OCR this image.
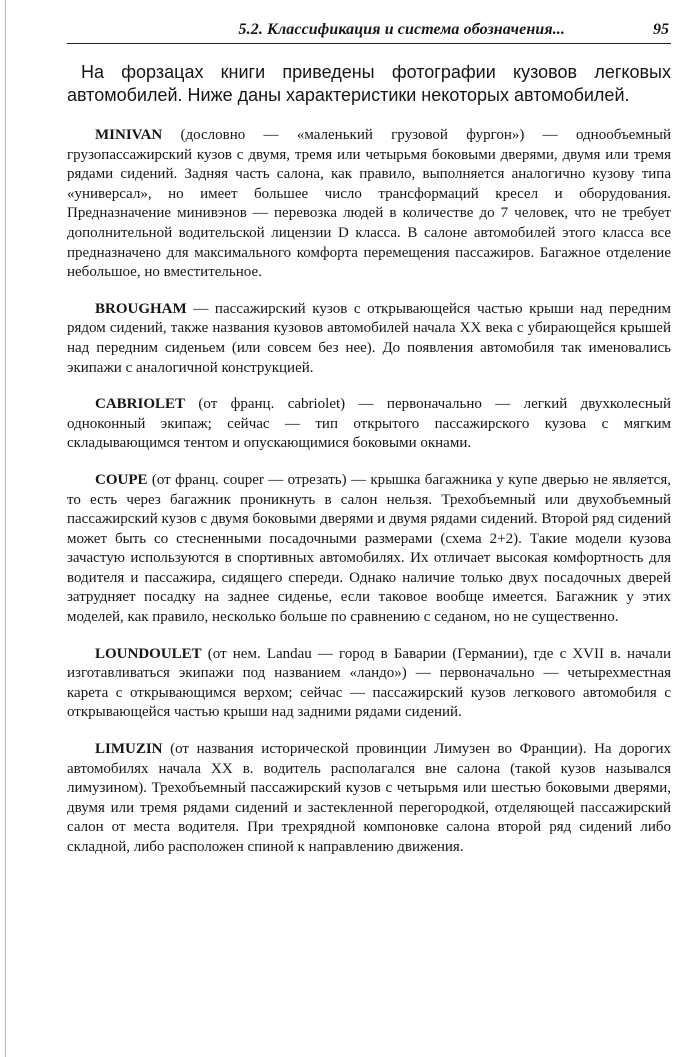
5.2. Классификация и система обозначения...	95

На форзацах книги приведены фотографии кузовов легковых автомобилей. Ниже даны характеристики некоторых автомобилей.

MINIVAN (дословно — «маленький грузовой фургон») — однообъемный грузопассажирский кузов с двумя, тремя или четырьмя боковыми дверями, двумя или тремя рядами сидений. Задняя часть салона, как правило, выполняется аналогично кузову типа «универсал», но имеет большее число трансформаций кресел и оборудования. Предназначение минивэнов — перевозка людей в количестве до 7 человек, что не требует дополнительной водительской лицензии D класса. В салоне автомобилей этого класса все предназначено для максимального комфорта перемещения пассажиров. Багажное отделение небольшое, но вместительное.

BROUGHAM — пассажирский кузов с открывающейся частью крыши над передним рядом сидений, также названия кузовов автомобилей начала XX века с убирающейся крышей над передним сиденьем (или совсем без нее). До появления автомобиля так именовались экипажи с аналогичной конструкцией.

CABRIOLET (от франц. cabriolet) — первоначально — легкий двухколесный одноконный экипаж; сейчас — тип открытого пассажирского кузова с мягким складывающимся тентом и опускающимися боковыми окнами.

COUPE (от франц. couper — отрезать) — крышка багажника у купе дверью не является, то есть через багажник проникнуть в салон нельзя. Трехобъемный или двухобъемный пассажирский кузов с двумя боковыми дверями и двумя рядами сидений. Второй ряд сидений может быть со стесненными посадочными размерами (схема 2+2). Такие модели кузова зачастую используются в спортивных автомобилях. Их отличает высокая комфортность для водителя и пассажира, сидящего спереди. Однако наличие только двух посадочных дверей затрудняет посадку на заднее сиденье, если таковое вообще имеется. Багажник у этих моделей, как правило, несколько больше по сравнению с седаном, но не существенно.

LOUNDOULET (от нем. Landau — город в Баварии (Германии), где с XVII в. начали изготавливаться экипажи под названием «ландо») — первоначально — четырехместная карета с открывающимся верхом; сейчас — пассажирский кузов легкового автомобиля с открывающейся частью крыши над задними рядами сидений.

LIMUZIN (от названия исторической провинции Лимузен во Франции). На дорогих автомобилях начала XX в. водитель располагался вне салона (такой кузов назывался лимузином). Трехобъемный пассажирский кузов с четырьмя или шестью боковыми дверями, двумя или тремя рядами сидений и застекленной перегородкой, отделяющей пассажирский салон от места водителя. При трехрядной компоновке салона второй ряд сидений либо складной, либо расположен спиной к направлению движения.
